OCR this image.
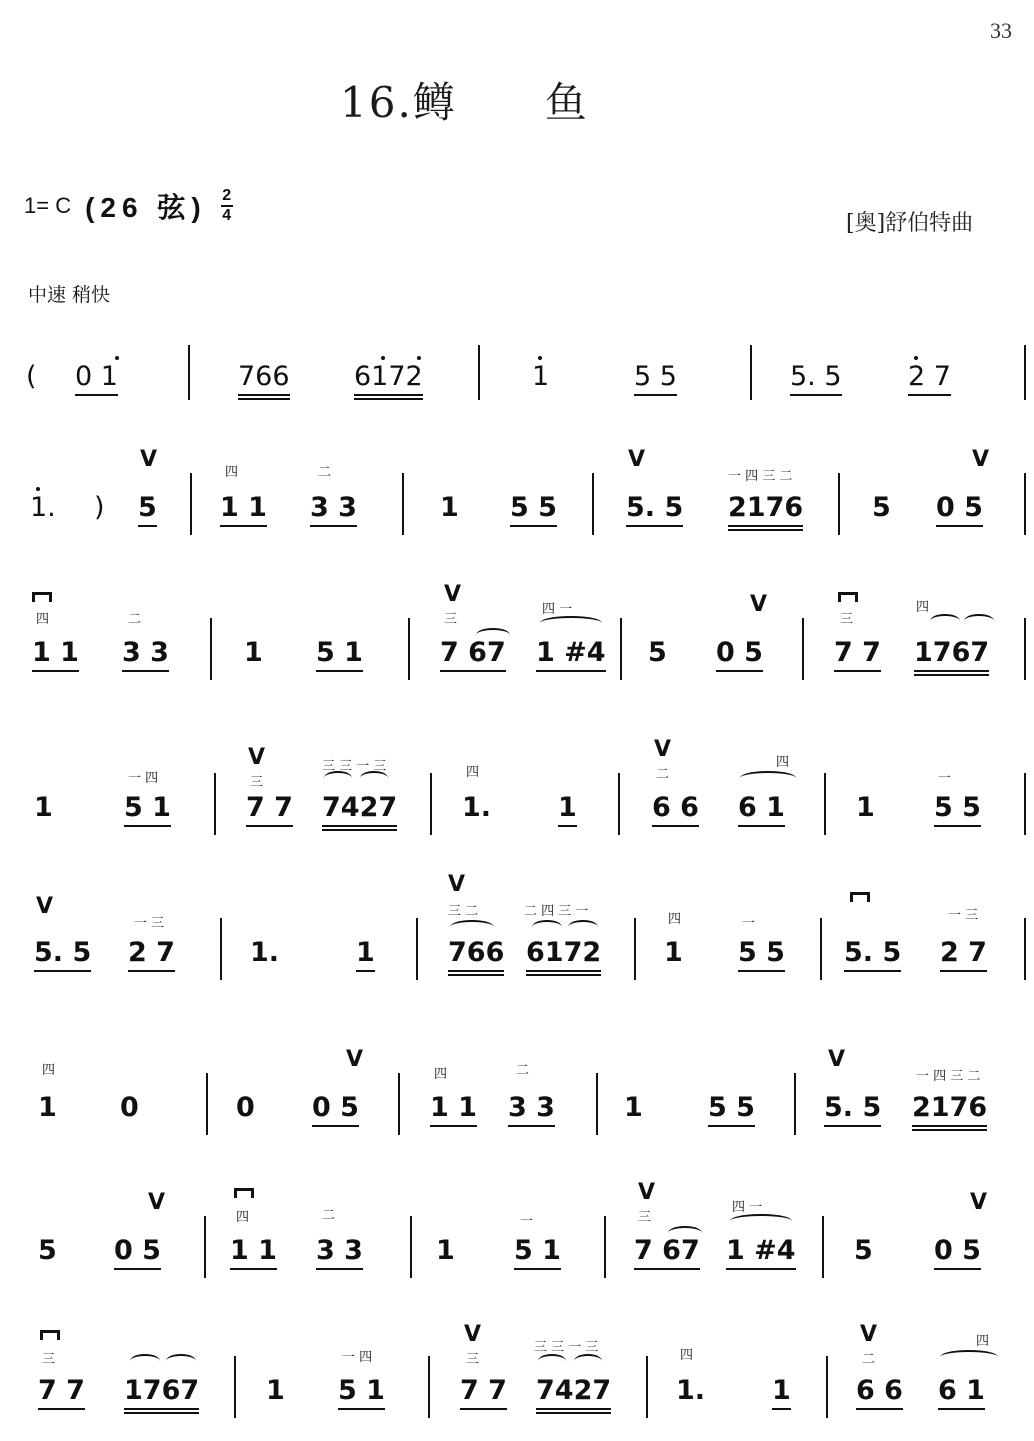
33
16.鳟　　鱼
1= C (26 弦) 2
4	[奥]舒伯特曲
中速 稍快
( 0 1	766 6172	1	5 5	5. 5 2 7
1. )
V
5
四
1 1
二
3 3	1 5 5
V
5. 5
一 四 三 二
2176	5
V
0 5
四
1 1
二
3 3	1 5 1
V
三
7 67
四 一
1 #4 5
V
0 5
三
7 7
四
1767
1
一 四
5 1
V
三
7 7
三 三 一 三
7427
四
1. 1
V
二
6 6
四
6 1	1
一
5 5
V
5. 5
一 三
2 7	1.	1
V
三 二
766
二 四 三 一
6172
四
1
一
5 5 5. 5
一 三
2 7
四
1 0	0
V
0 5
四
1 1
二
3 3	1 5 5
V
5. 5
一 四 三 二
2176
5
V
0 5
四
1 1
二
3 3	1
一
5 1
V
三
7 67
四 一
1 #4 5
V
0 5
三
7 7 1767 1
一 四
5 1
V
三
7 7
三 三 一 三
7427
四
1. 1
V
二
6 6
四
6 1
